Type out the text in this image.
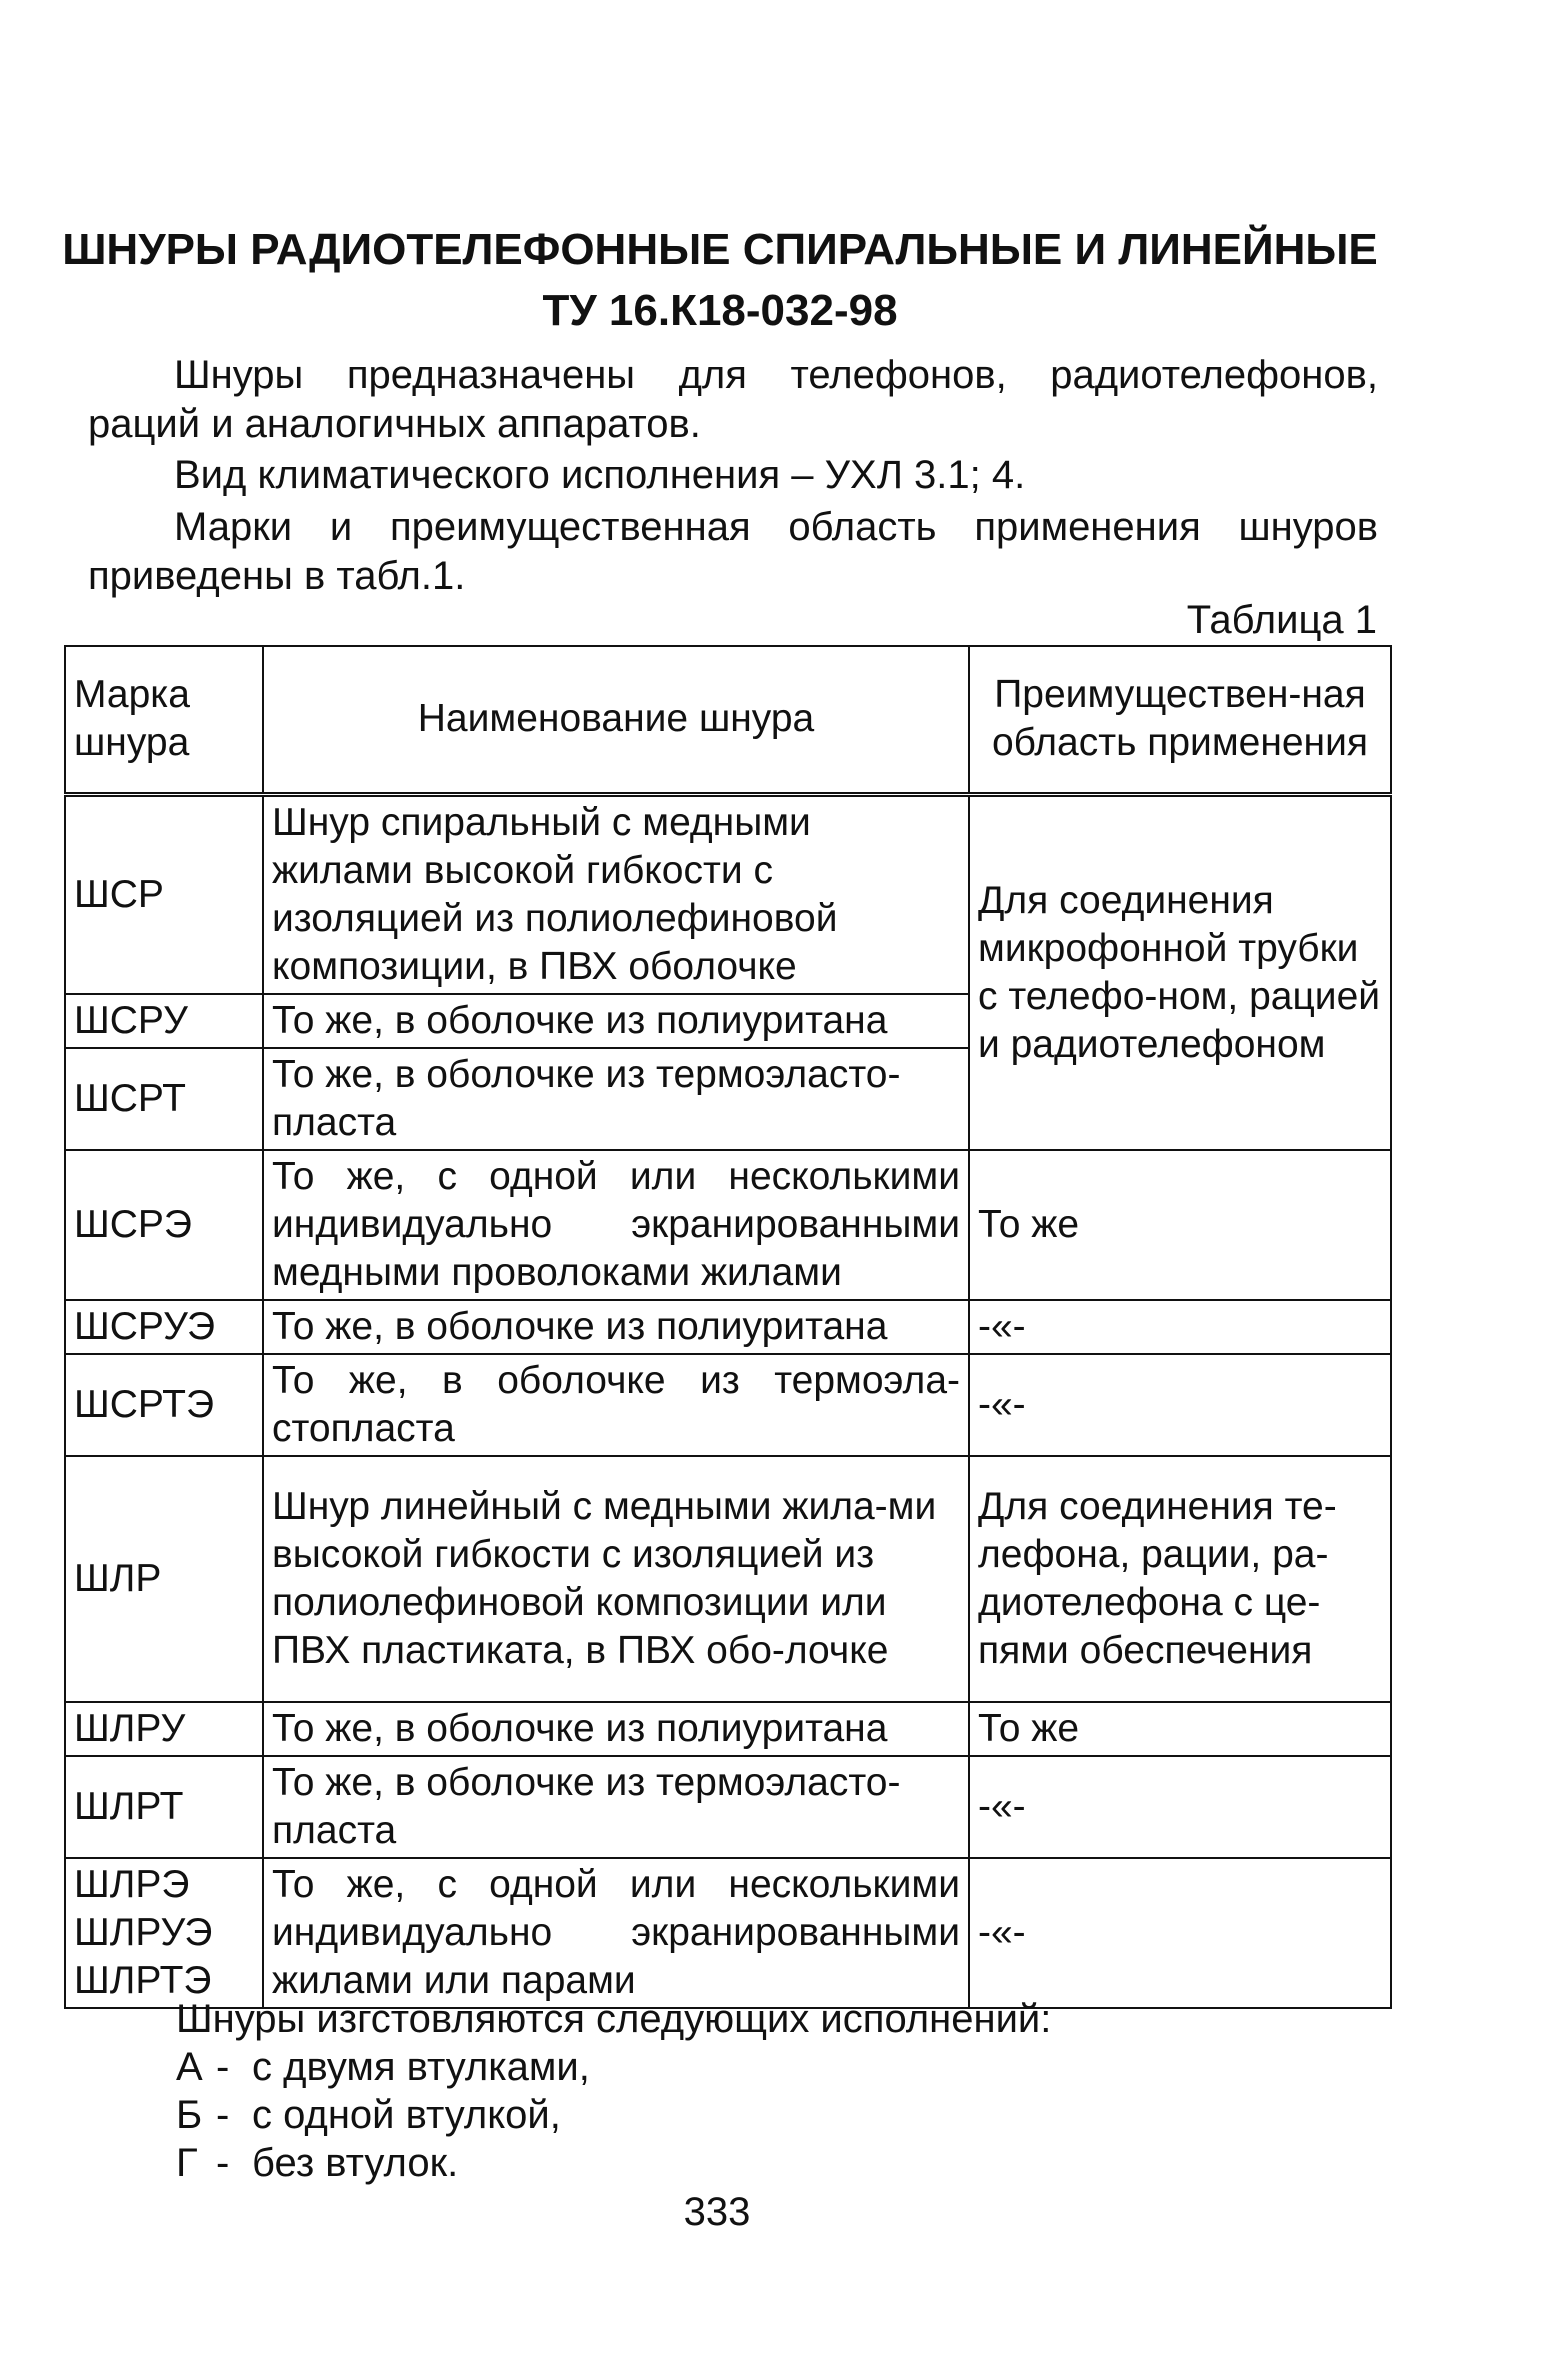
ШНУРЫ РАДИОТЕЛЕФОННЫЕ СПИРАЛЬНЫЕ И ЛИНЕЙНЫЕ
ТУ 16.К18-032-98

Шнуры предназначены для телефонов, радиотелефонов,

раций и аналогичных аппаратов.

Вид климатического исполнения – УХЛ 3.1; 4.

Марки и преимущественная область применения шнуров

приведены в табл.1.

Таблица 1

Марка шнура	Наименование шнура	Преимуществен-ная область применения
ШСР	Шнур спиральный с медными жилами высокой гибкости с изоляцией из полиолефиновой композиции, в ПВХ оболочке	Для соединения микрофонной трубки с телефо-ном, рацией и радиотелефоном
ШСРУ	То же, в оболочке из полиуритана	
ШСРТ	То же, в оболочке из термоэласто-пласта	
ШСРЭ	То же, с одной или несколькими индивидуально экранированными медными проволоками жилами	То же
ШСРУЭ	То же, в оболочке из полиуритана	-«-
ШСРТЭ	То же, в оболочке из термоэла-стопласта	-«-
ШЛР	Шнур линейный с медными жила-ми высокой гибкости с изоляцией из полиолефиновой композиции или ПВХ пластиката, в ПВХ обо-лочке	Для соединения те-лефона, рации, ра-диотелефона с це-пями обеспечения
ШЛРУ	То же, в оболочке из полиуритана	То же
ШЛРТ	То же, в оболочке из термоэласто-пласта	-«-
ШЛРЭ ШЛРУЭ ШЛРТЭ	То же, с одной или несколькими индивидуально экранированными жилами или парами	-«-

Шнуры изгстовляются следующих исполнений:

А - с двумя втулками,
Б - с одной втулкой,
Г - без втулок.

333
